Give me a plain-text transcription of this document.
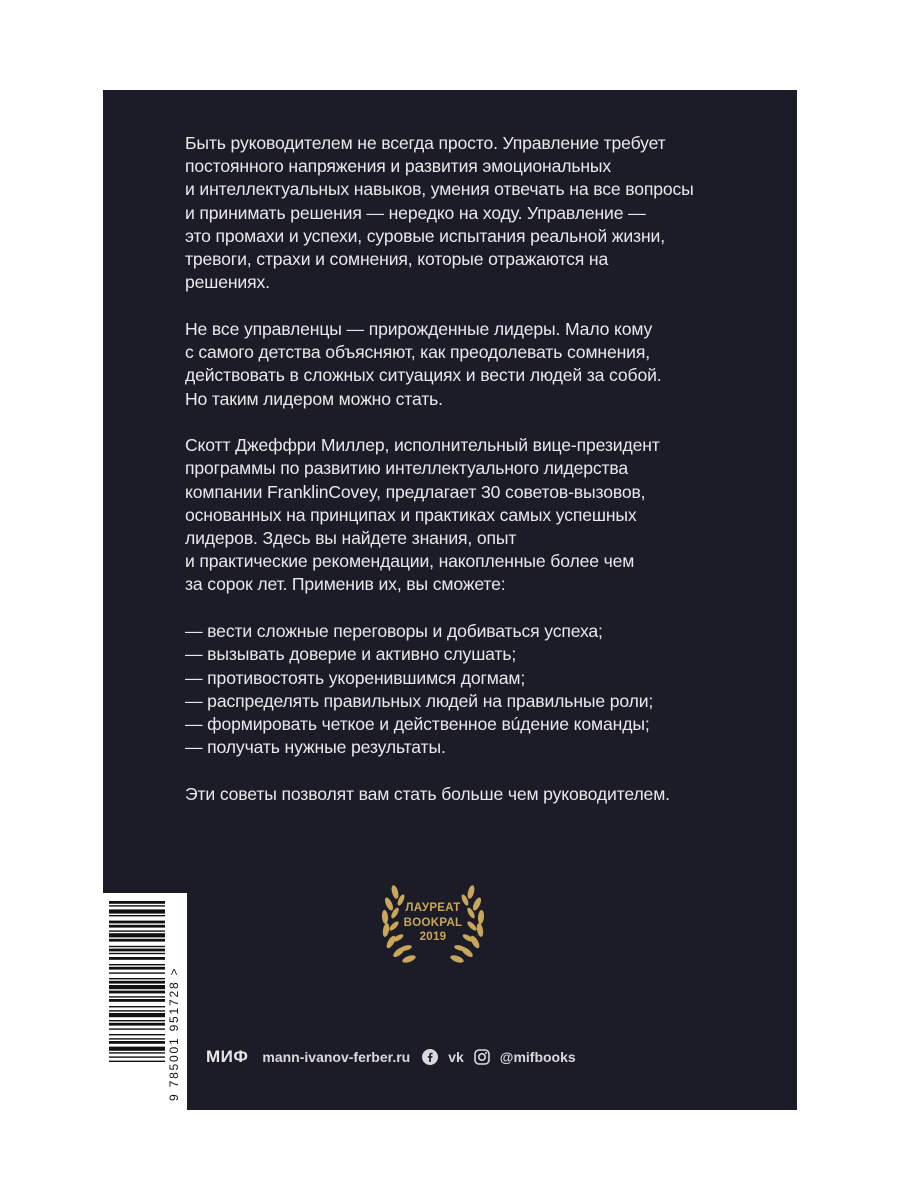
Быть руководителем не всегда просто. Управление требует
постоянного напряжения и развития эмоциональных
и интеллектуальных навыков, умения отвечать на все вопросы
и принимать решения — нередко на ходу. Управление —
это промахи и успехи, суровые испытания реальной жизни,
тревоги, страхи и сомнения, которые отражаются на
решениях.

Не все управленцы — прирожденные лидеры. Мало кому
с самого детства объясняют, как преодолевать сомнения,
действовать в сложных ситуациях и вести людей за собой.
Но таким лидером можно стать.

Скотт Джеффри Миллер, исполнительный вице-президент
программы по развитию интеллектуального лидерства
компании FranklinCovey, предлагает 30 советов-вызовов,
основанных на принципах и практиках самых успешных
лидеров. Здесь вы найдете знания, опыт
и практические рекомендации, накопленные более чем
за сорок лет. Применив их, вы сможете:

— вести сложные переговоры и добиваться успеха;
— вызывать доверие и активно слушать;
— противостоять укоренившимся догмам;
— распределять правильных людей на правильные роли;
— формировать четкое и действенное вúдение команды;
— получать нужные результаты.

Эти советы позволят вам стать больше чем руководителем.

ЛАУРЕАТ
BOOKPAL
2019
9 785001 951728 > МИФ mann-ivanov-ferber.ru	vk	@mifbooks
